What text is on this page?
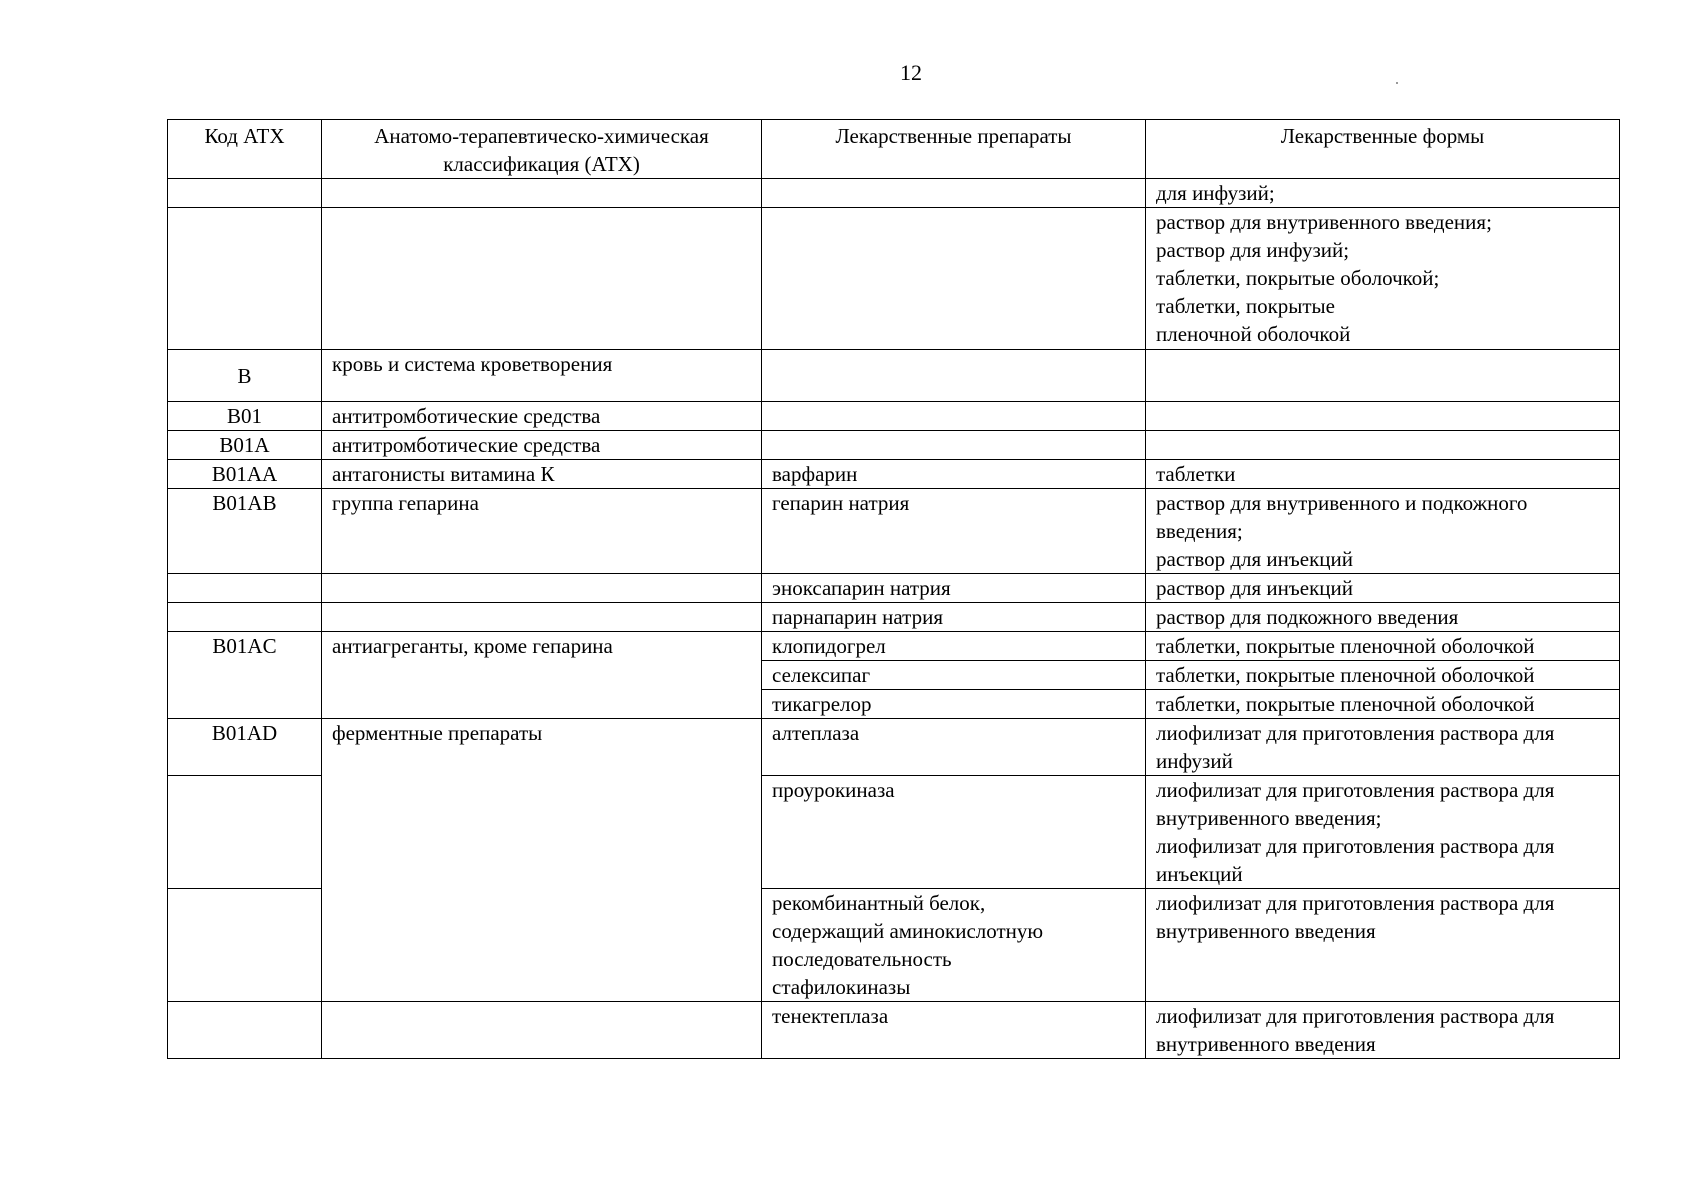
12
Код АТХ	Анатомо-терапевтическо-химическая классификация (АТХ)	Лекарственные препараты	Лекарственные формы
			для инфузий;
			раствор для внутривенного введения;
раствор для инфузий;
таблетки, покрытые оболочкой;
таблетки, покрытые
пленочной оболочкой
B	кровь и система кроветворения		
B01	антитромботические средства		
B01A	антитромботические средства		
B01AA	антагонисты витамина К	варфарин	таблетки
B01AB	группа гепарина	гепарин натрия	раствор для внутривенного и подкожного введения;
раствор для инъекций
		эноксапарин натрия	раствор для инъекций
		парнапарин натрия	раствор для подкожного введения
B01AC	антиагреганты, кроме гепарина	клопидогрел	таблетки, покрытые пленочной оболочкой
		селексипаг	таблетки, покрытые пленочной оболочкой
		тикагрелор	таблетки, покрытые пленочной оболочкой
B01AD	ферментные препараты	алтеплаза	лиофилизат для приготовления раствора для инфузий
		проурокиназа	лиофилизат для приготовления раствора для внутривенного введения;
лиофилизат для приготовления раствора для инъекций
		рекомбинантный белок,
содержащий аминокислотную
последовательность
стафилокиназы	лиофилизат для приготовления раствора для внутривенного введения
		тенектеплаза	лиофилизат для приготовления раствора для внутривенного введения
